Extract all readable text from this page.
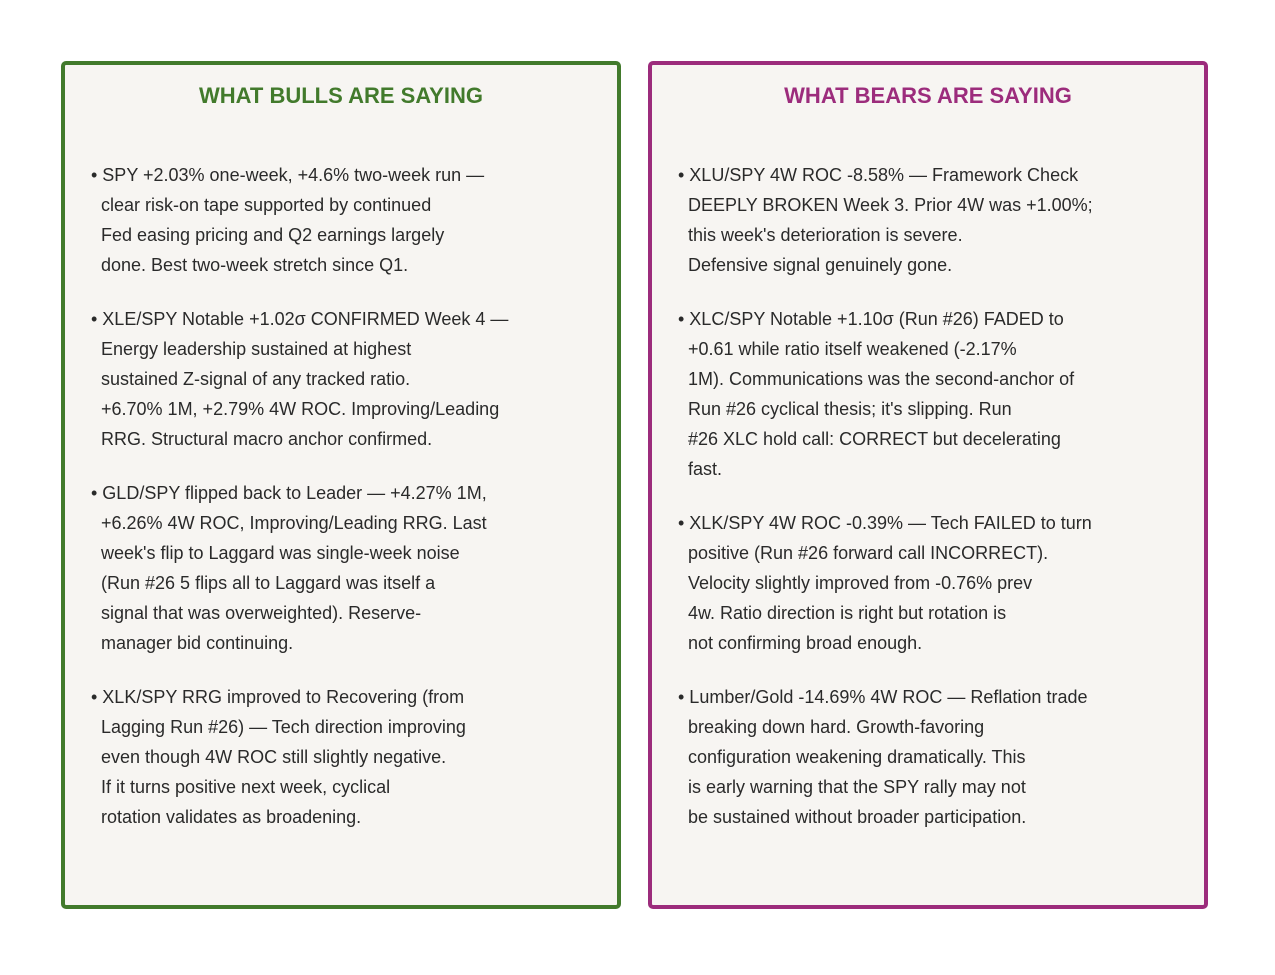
WHAT BULLS ARE SAYING
• SPY +2.03% one-week, +4.6% two-week run —
clear risk-on tape supported by continued
Fed easing pricing and Q2 earnings largely
done. Best two-week stretch since Q1.
• XLE/SPY Notable +1.02σ CONFIRMED Week 4 —
Energy leadership sustained at highest
sustained Z-signal of any tracked ratio.
+6.70% 1M, +2.79% 4W ROC. Improving/Leading
RRG. Structural macro anchor confirmed.
• GLD/SPY flipped back to Leader — +4.27% 1M,
+6.26% 4W ROC, Improving/Leading RRG. Last
week's flip to Laggard was single-week noise
(Run #26 5 flips all to Laggard was itself a
signal that was overweighted). Reserve-
manager bid continuing.
• XLK/SPY RRG improved to Recovering (from
Lagging Run #26) — Tech direction improving
even though 4W ROC still slightly negative.
If it turns positive next week, cyclical
rotation validates as broadening.
WHAT BEARS ARE SAYING
• XLU/SPY 4W ROC -8.58% — Framework Check
DEEPLY BROKEN Week 3. Prior 4W was +1.00%;
this week's deterioration is severe.
Defensive signal genuinely gone.
• XLC/SPY Notable +1.10σ (Run #26) FADED to
+0.61 while ratio itself weakened (-2.17%
1M). Communications was the second-anchor of
Run #26 cyclical thesis; it's slipping. Run
#26 XLC hold call: CORRECT but decelerating
fast.
• XLK/SPY 4W ROC -0.39% — Tech FAILED to turn
positive (Run #26 forward call INCORRECT).
Velocity slightly improved from -0.76% prev
4w. Ratio direction is right but rotation is
not confirming broad enough.
• Lumber/Gold -14.69% 4W ROC — Reflation trade
breaking down hard. Growth-favoring
configuration weakening dramatically. This
is early warning that the SPY rally may not
be sustained without broader participation.
